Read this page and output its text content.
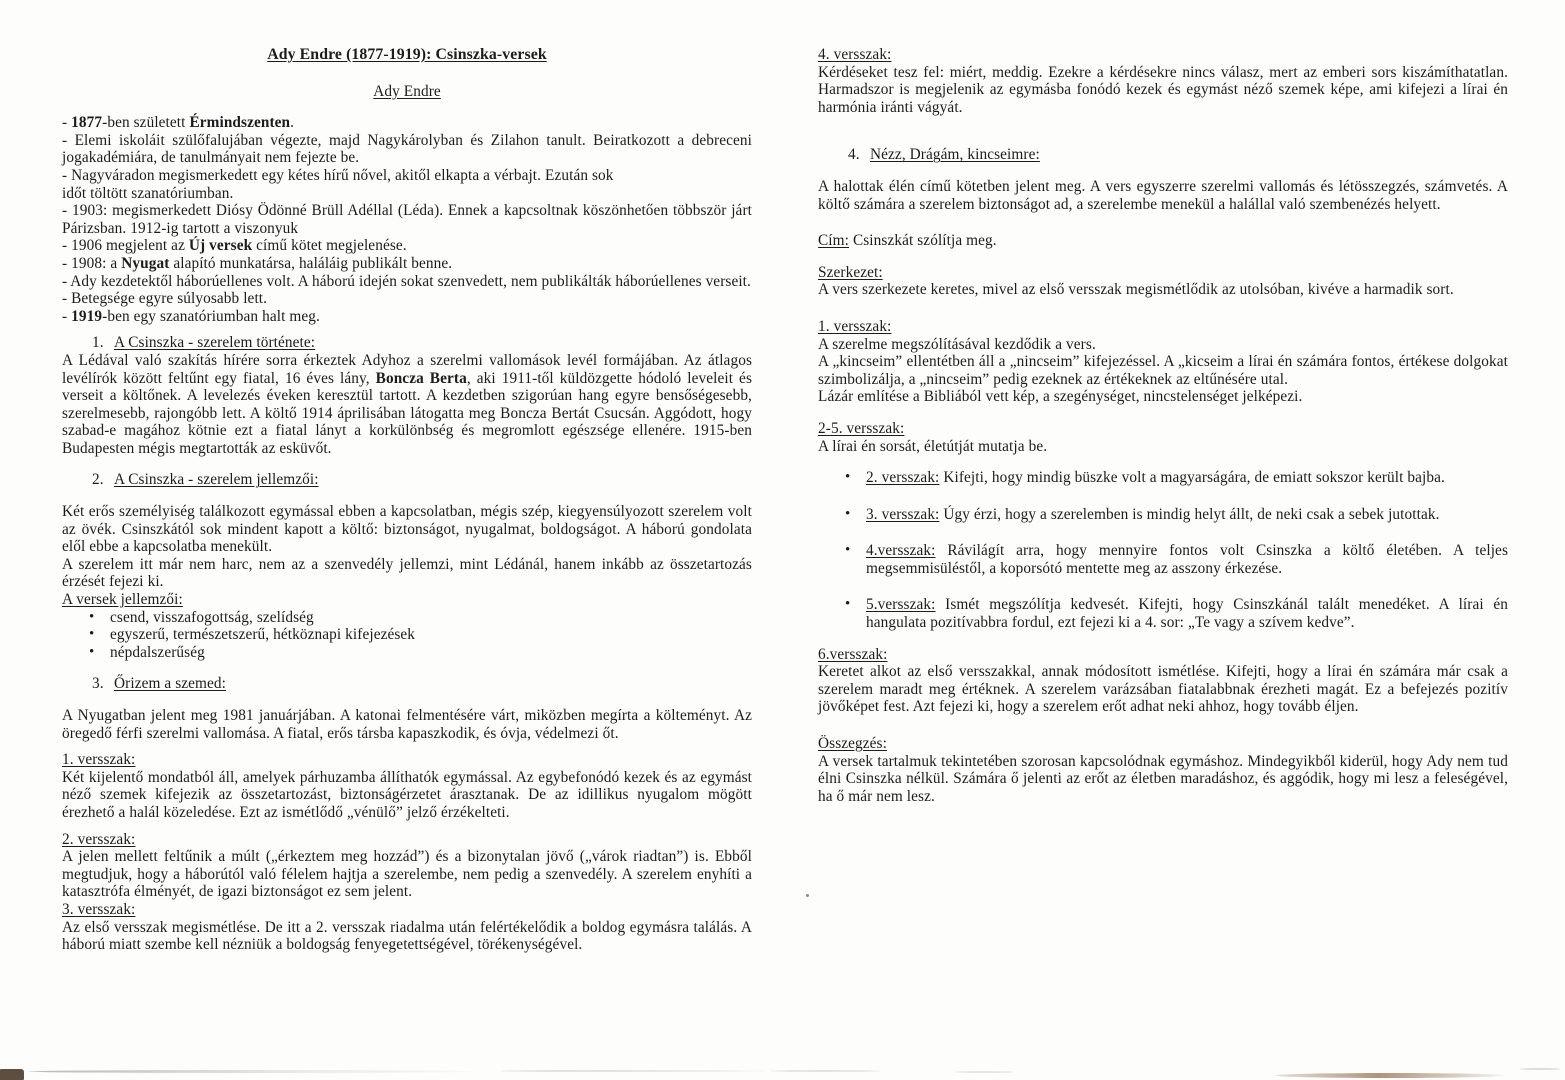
Ady Endre (1877-1919): Csinszka-versek
Ady Endre
- 1877-ben született Érmindszenten.
- Elemi iskoláit szülőfalujában végezte, majd Nagykárolyban és Zilahon tanult. Beiratkozott a debreceni jogakadémiára, de tanulmányait nem fejezte be.
- Nagyváradon megismerkedett egy kétes hírű nővel, akitől elkapta a vérbajt. Ezután sok
időt töltött szanatóriumban.
- 1903: megismerkedett Diósy Ödönné Brüll Adéllal (Léda). Ennek a kapcsoltnak köszönhetően többször járt Párizsban. 1912-ig tartott a viszonyuk
- 1906 megjelent az Új versek című kötet megjelenése.
- 1908: a Nyugat alapító munkatársa, haláláig publikált benne.
- Ady kezdetektől háborúellenes volt. A háború idején sokat szenvedett, nem publikálták háborúellenes verseit.
- Betegsége egyre súlyosabb lett.
- 1919-ben egy szanatóriumban halt meg.
1. A Csinszka - szerelem története:
A Lédával való szakítás hírére sorra érkeztek Adyhoz a szerelmi vallomások levél formájában. Az átlagos levélírók között feltűnt egy fiatal, 16 éves lány, Boncza Berta, aki 1911-től küldözgette hódoló leveleit és verseit a költőnek. A levelezés éveken keresztül tartott. A kezdetben szigorúan hang egyre bensőségesebb, szerelmesebb, rajongóbb lett. A költő 1914 áprilisában látogatta meg Boncza Bertát Csucsán. Aggódott, hogy szabad-e magához kötnie ezt a fiatal lányt a korkülönbség és megromlott egészsége ellenére. 1915-ben Budapesten mégis megtartották az esküvőt.
2. A Csinszka - szerelem jellemzői:
Két erős személyiség találkozott egymással ebben a kapcsolatban, mégis szép, kiegyensúlyozott szerelem volt az övék. Csinszkától sok mindent kapott a költő: biztonságot, nyugalmat, boldogságot. A háború gondolata elől ebbe a kapcsolatba menekült.
A szerelem itt már nem harc, nem az a szenvedély jellemzi, mint Lédánál, hanem inkább az összetartozás érzését fejezi ki.
A versek jellemzői:
• csend, visszafogottság, szelídség
• egyszerű, természetszerű, hétköznapi kifejezések
• népdalszerűség
3. Őrizem a szemed:
A Nyugatban jelent meg 1981 januárjában. A katonai felmentésére várt, miközben megírta a költeményt. Az öregedő férfi szerelmi vallomása. A fiatal, erős társba kapaszkodik, és óvja, védelmezi őt.
1. versszak:
Két kijelentő mondatból áll, amelyek párhuzamba állíthatók egymással. Az egybefonódó kezek és az egymást néző szemek kifejezik az összetartozást, biztonságérzetet árasztanak. De az idillikus nyugalom mögött érezhető a halál közeledése. Ezt az ismétlődő „vénülő” jelző érzékelteti.
2. versszak:
A jelen mellett feltűnik a múlt („érkeztem meg hozzád”) és a bizonytalan jövő („várok riadtan”) is. Ebből megtudjuk, hogy a háborútól való félelem hajtja a szerelembe, nem pedig a szenvedély. A szerelem enyhíti a katasztrófa élményét, de igazi biztonságot ez sem jelent.
3. versszak:
Az első versszak megismétlése. De itt a 2. versszak riadalma után felértékelődik a boldog egymásra találás. A háború miatt szembe kell nézniük a boldogság fenyegetettségével, törékenységével.
4. versszak:
Kérdéseket tesz fel: miért, meddig. Ezekre a kérdésekre nincs válasz, mert az emberi sors kiszámíthatatlan. Harmadszor is megjelenik az egymásba fonódó kezek és egymást néző szemek képe, ami kifejezi a lírai én harmónia iránti vágyát.
4. Nézz, Drágám, kincseimre:
A halottak élén című kötetben jelent meg. A vers egyszerre szerelmi vallomás és létösszegzés, számvetés. A költő számára a szerelem biztonságot ad, a szerelembe menekül a halállal való szembenézés helyett.
Cím: Csinszkát szólítja meg.
Szerkezet:
A vers szerkezete keretes, mivel az első versszak megismétlődik az utolsóban, kivéve a harmadik sort.
1. versszak:
A szerelme megszólításával kezdődik a vers.
A „kincseim” ellentétben áll a „nincseim” kifejezéssel. A „kicseim a lírai én számára fontos, értékese dolgokat szimbolizálja, a „nincseim” pedig ezeknek az értékeknek az eltűnésére utal.
Lázár említése a Bibliából vett kép, a szegénységet, nincstelenséget jelképezi.
2-5. versszak:
A lírai én sorsát, életútját mutatja be.
• 2. versszak: Kifejti, hogy mindig büszke volt a magyarságára, de emiatt sokszor került bajba.
• 3. versszak: Úgy érzi, hogy a szerelemben is mindig helyt állt, de neki csak a sebek jutottak.
• 4.versszak: Rávilágít arra, hogy mennyire fontos volt Csinszka a költő életében. A teljes megsemmisüléstől, a koporsótó mentette meg az asszony érkezése.
• 5.versszak: Ismét megszólítja kedvesét. Kifejti, hogy Csinszkánál talált menedéket. A lírai én hangulata pozitívabbra fordul, ezt fejezi ki a 4. sor: „Te vagy a szívem kedve”.
6.versszak:
Keretet alkot az első versszakkal, annak módosított ismétlése. Kifejti, hogy a lírai én számára már csak a szerelem maradt meg értéknek. A szerelem varázsában fiatalabbnak érezheti magát. Ez a befejezés pozitív jövőképet fest. Azt fejezi ki, hogy a szerelem erőt adhat neki ahhoz, hogy tovább éljen.
Összegzés:
A versek tartalmuk tekintetében szorosan kapcsolódnak egymáshoz. Mindegyikből kiderül, hogy Ady nem tud élni Csinszka nélkül. Számára ő jelenti az erőt az életben maradáshoz, és aggódik, hogy mi lesz a feleségével, ha ő már nem lesz.
